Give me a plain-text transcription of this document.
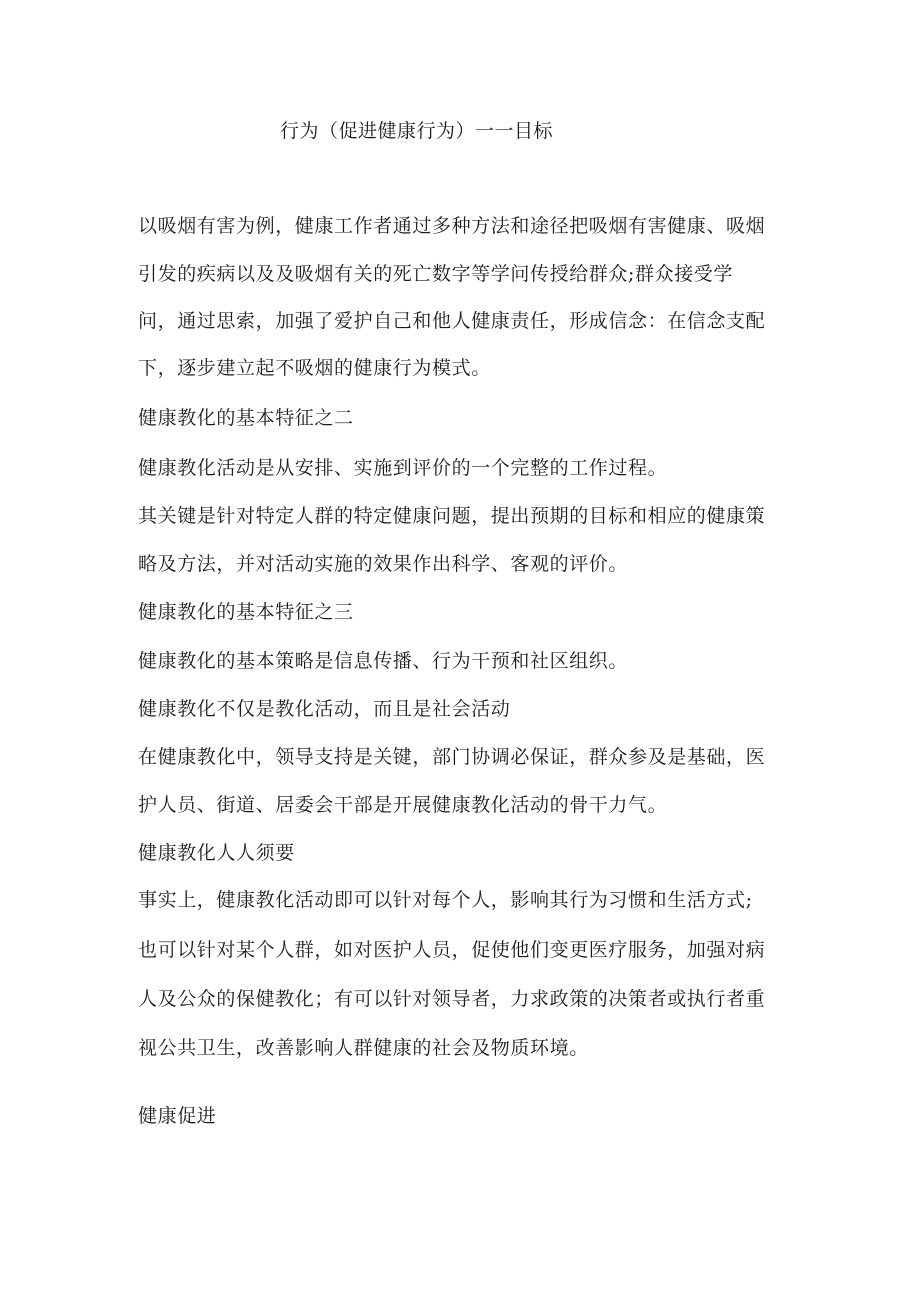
行为（促进健康行为）一一目标
以吸烟有害为例，健康工作者通过多种方法和途径把吸烟有害健康、吸烟
引发的疾病以及及吸烟有关的死亡数字等学问传授给群众;群众接受学
问，通过思索，加强了爱护自己和他人健康责任，形成信念：在信念支配
下，逐步建立起不吸烟的健康行为模式。
健康教化的基本特征之二
健康教化活动是从安排、实施到评价的一个完整的工作过程。
其关键是针对特定人群的特定健康问题，提出预期的目标和相应的健康策
略及方法，并对活动实施的效果作出科学、客观的评价。
健康教化的基本特征之三
健康教化的基本策略是信息传播、行为干预和社区组织。
健康教化不仅是教化活动，而且是社会活动
在健康教化中，领导支持是关键，部门协调必保证，群众参及是基础，医
护人员、街道、居委会干部是开展健康教化活动的骨干力气。
健康教化人人须要
事实上，健康教化活动即可以针对每个人，影响其行为习惯和生活方式;
也可以针对某个人群，如对医护人员，促使他们变更医疗服务，加强对病
人及公众的保健教化；有可以针对领导者，力求政策的决策者或执行者重
视公共卫生，改善影响人群健康的社会及物质环境。
健康促进
